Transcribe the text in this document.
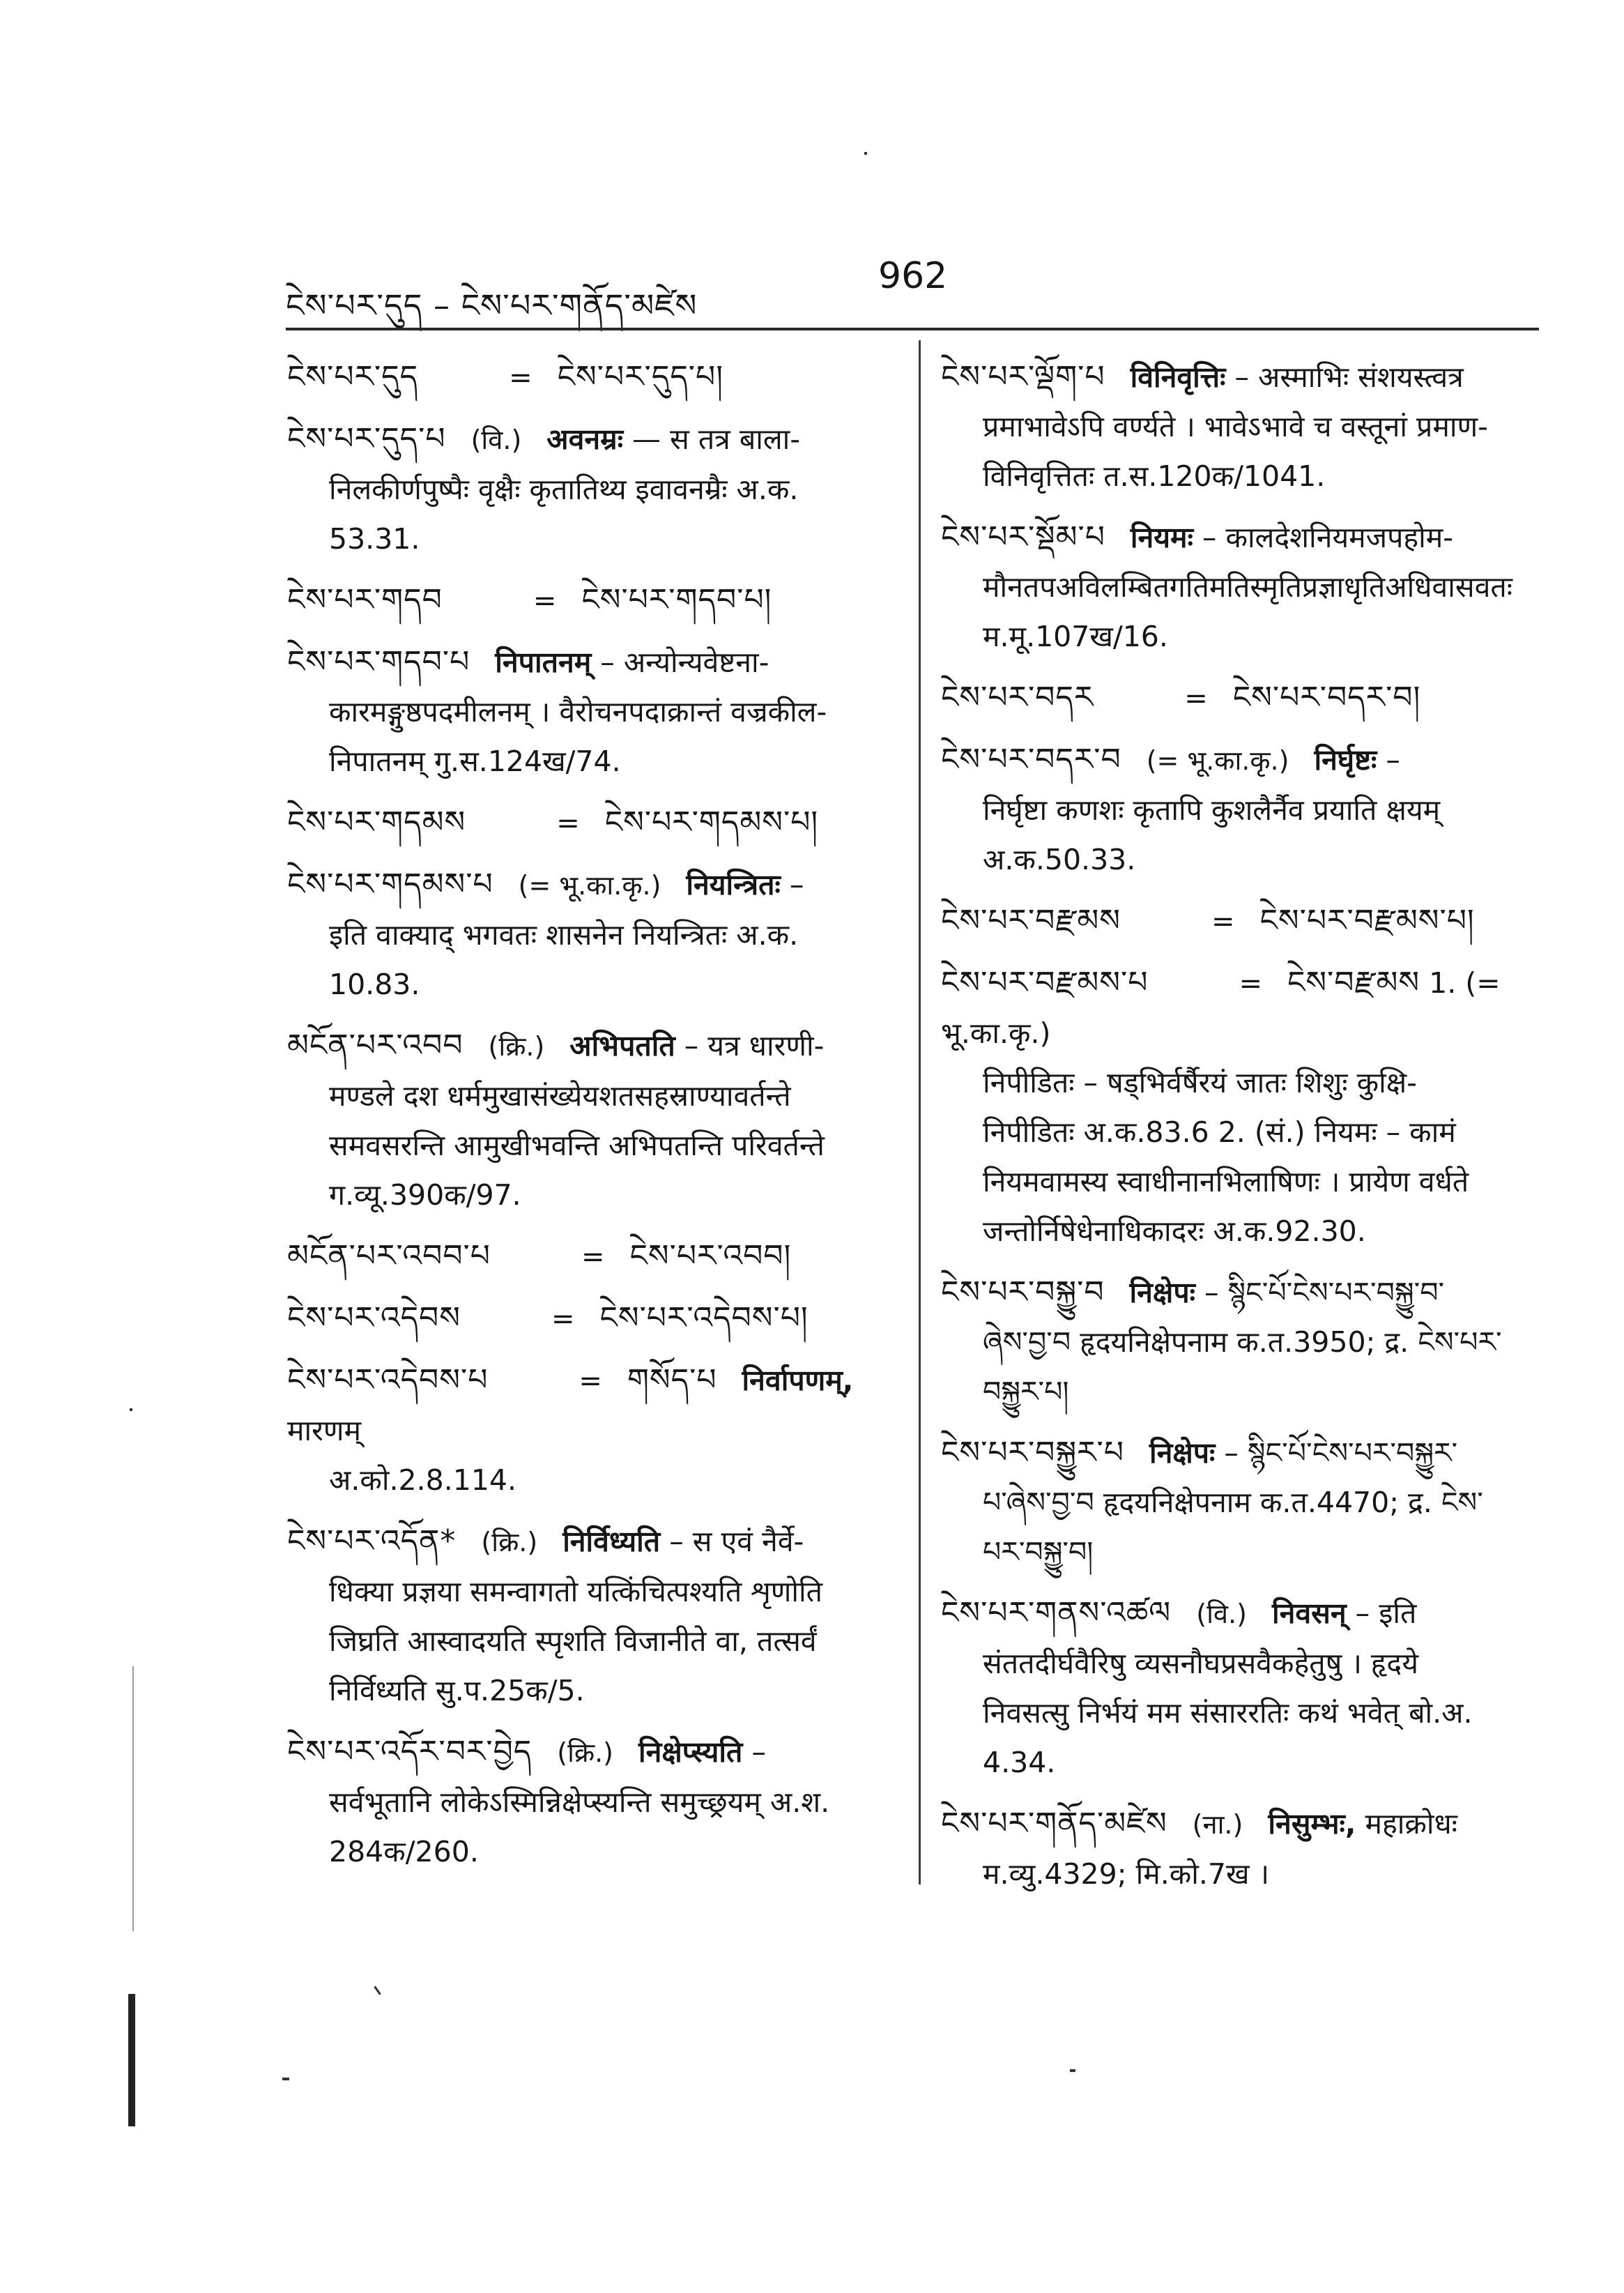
ངེས་པར་དུད – ངེས་པར་གནོད་མཛེས
962

ངེས་པར་དུད	= ངེས་པར་དུད་པ།

ངེས་པར་དུད་པ (वि.) अवनम्रः — स तत्र बाला-

निलकीर्णपुष्पैः वृक्षैः कृतातिथ्य इवावनम्रैः अ.क.

53.31.

ངེས་པར་གདབ	= ངེས་པར་གདབ་པ།

ངེས་པར་གདབ་པ निपातनम् – अन्योन्यवेष्टना-

कारमङ्गुष्ठपदमीलनम् । वैरोचनपदाक्रान्तं वज्रकील-

निपातनम् गु.स.124ख/74.

ངེས་པར་གདམས	= ངེས་པར་གདམས་པ།

ངེས་པར་གདམས་པ (= भू.का.कृ.) नियन्त्रितः –

इति वाक्याद् भगवतः शासनेन नियन्त्रितः अ.क.

10.83.

མངོན་པར་འབབ (क्रि.) अभिपतति – यत्र धारणी-

मण्डले दश धर्ममुखासंख्येयशतसहस्राण्यावर्तन्ते

समवसरन्ति आमुखीभवन्ति अभिपतन्ति परिवर्तन्ते

ग.व्यू.390क/97.

མངོན་པར་འབབ་པ	= ངེས་པར་འབབ།

ངེས་པར་འདེབས	= ངེས་པར་འདེབས་པ།

ངེས་པར་འདེབས་པ	= གསོད་པ निर्वापणम्, मारणम्

अ.को.2.8.114.

ངེས་པར་འདོན* (क्रि.) निर्विध्यति – स एवं नैर्वे-

धिक्या प्रज्ञया समन्वागतो यत्किंचित्पश्यति शृणोति

जिघ्रति आस्वादयति स्पृशति विजानीते वा, तत्सर्वं

निर्विध्यति सु.प.25क/5.

ངེས་པར་འདོར་བར་བྱེད (क्रि.) निक्षेप्स्यति –

सर्वभूतानि लोकेऽस्मिन्निक्षेप्स्यन्ति समुच्छ्रयम् अ.श.

284क/260.

ངེས་པར་ལྡོག་པ विनिवृत्तिः – अस्माभिः संशयस्त्वत्र

प्रमाभावेऽपि वर्ण्यते । भावेऽभावे च वस्तूनां प्रमाण-

विनिवृत्तितः त.स.120क/1041.

ངེས་པར་སྡོམ་པ नियमः – कालदेशनियमजपहोम-

मौनतपअविलम्बितगतिमतिस्मृतिप्रज्ञाधृतिअधिवासवतः

म.मू.107ख/16.

ངེས་པར་བདར	= ངེས་པར་བདར་བ།

ངེས་པར་བདར་བ (= भू.का.कृ.) निर्घृष्टः –

निर्घृष्टा कणशः कृतापि कुशलैर्नैव प्रयाति क्षयम्

अ.क.50.33.

ངེས་པར་བརྫམས	= ངེས་པར་བརྫམས་པ།

ངེས་པར་བརྫམས་པ	= ངེས་བརྫམས 1. (= भू.का.कृ.)

निपीडितः – षड्भिर्वर्षैरयं जातः शिशुः कुक्षि-

निपीडितः अ.क.83.6 2. (सं.) नियमः – कामं

नियमवामस्य स्वाधीनानभिलाषिणः । प्रायेण वर्धते

जन्तोर्निषेधेनाधिकादरः अ.क.92.30.

ངེས་པར་བསྐྱུ་བ निक्षेपः – སྙིང་པོ་ངེས་པར་བསྐྱུ་བ་

ཞེས་བྱ་བ हृदयनिक्षेपनाम क.त.3950; द्र. ངེས་པར་

བསྐྱུར་པ།

ངེས་པར་བསྐྱུར་པ निक्षेपः – སྙིང་པོ་ངེས་པར་བསྐྱུར་

པ་ཞེས་བྱ་བ हृदयनिक्षेपनाम क.त.4470; द्र. ངེས་

པར་བསྐྱུ་བ།

ངེས་པར་གནས་འཚལ (वि.) निवसन् – इति

संततदीर्घवैरिषु व्यसनौघप्रसवैकहेतुषु । हृदये

निवसत्सु निर्भयं मम संसाररतिः कथं भवेत् बो.अ.

4.34.

ངེས་པར་གནོད་མཛེས (ना.) निसुम्भः, महाक्रोधः

म.व्यु.4329; मि.को.7ख ।
